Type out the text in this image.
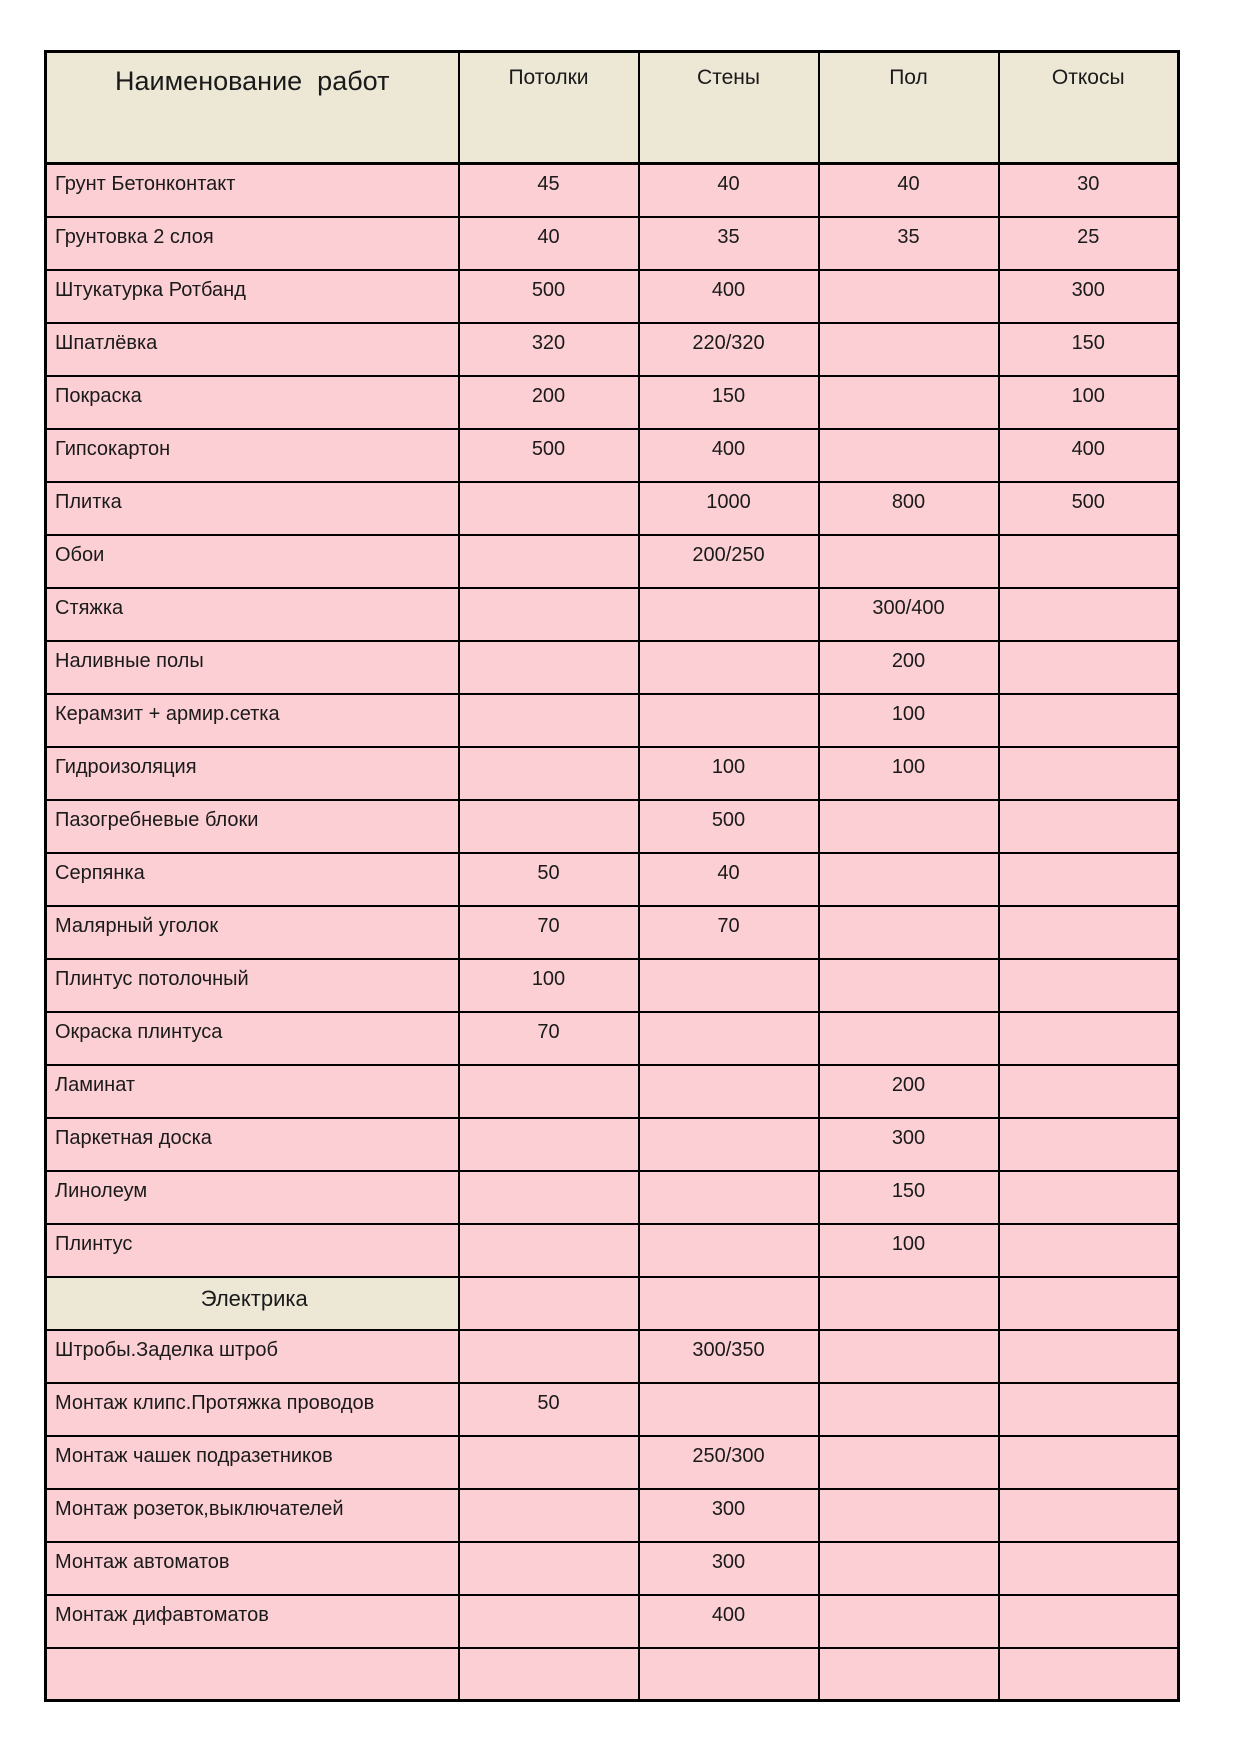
Наименование  работ	Потолки	Стены	Пол	Откосы
Грунт Бетонконтакт	45	40	40	30
Грунтовка 2 слоя	40	35	35	25
Штукатурка Ротбанд	500	400		300
Шпатлёвка	320	220/320		150
Покраска	200	150		100
Гипсокартон	500	400		400
Плитка		1000	800	500
Обои		200/250		
Стяжка			300/400	
Наливные полы			200	
Керамзит + армир.сетка			100	
Гидроизоляция		100	100	
Пазогребневые блоки		500		
Серпянка	50	40		
Малярный уголок	70	70		
Плинтус потолочный	100			
Окраска плинтуса	70			
Ламинат			200	
Паркетная доска			300	
Линолеум			150	
Плинтус			100	
Электрика				
Штробы.Заделка штроб		300/350		
Монтаж клипс.Протяжка проводов	50			
Монтаж чашек подразетников		250/300		
Монтаж розеток,выключателей		300		
Монтаж автоматов		300		
Монтаж дифавтоматов		400		
